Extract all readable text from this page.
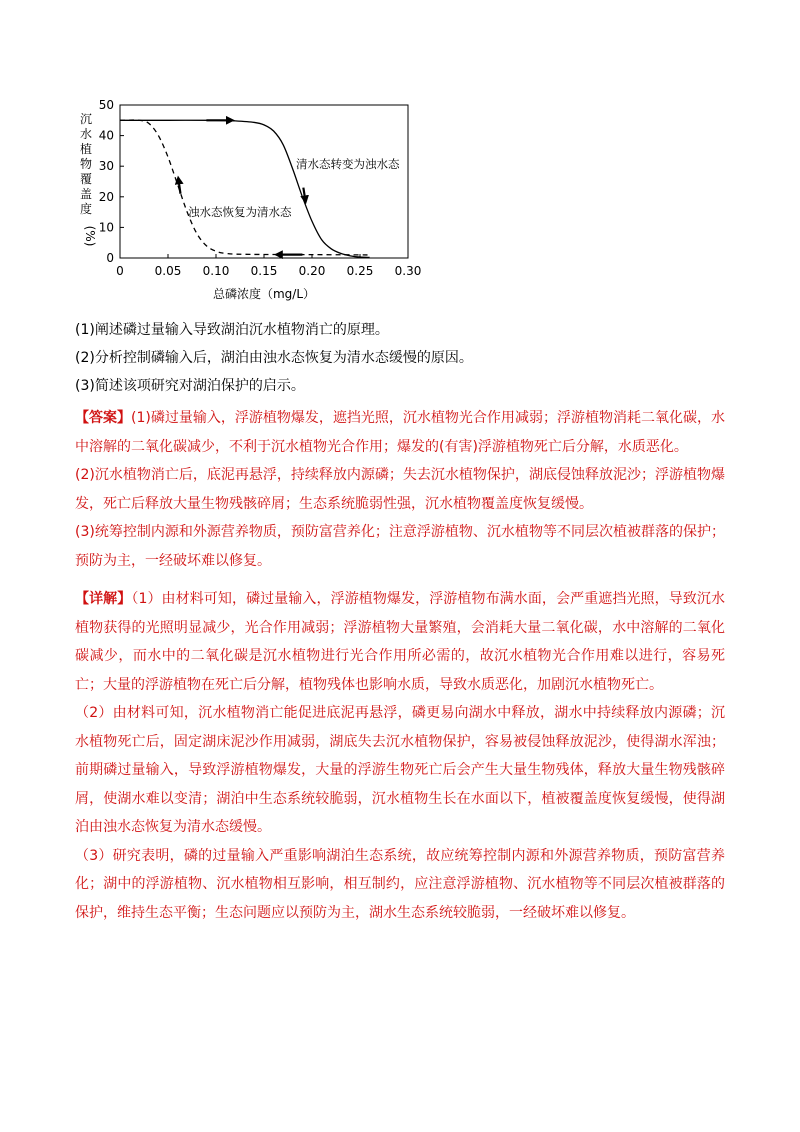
0
10
20
30
40
50
0	0.05 0.10 0.15 0.20 0.25 0.30
清水态转变为浊水态
浊水态恢复为清水态
总磷浓度（mg/L）
沉
水
植
物
覆
盖
度
(%)

(1)阐述磷过量输入导致湖泊沉水植物消亡的原理。

(2)分析控制磷输入后，湖泊由浊水态恢复为清水态缓慢的原因。

(3)简述该项研究对湖泊保护的启示。

【答案】(1)磷过量输入，浮游植物爆发，遮挡光照，沉水植物光合作用减弱；浮游植物消耗二氧化碳，水中溶解的二氧化碳减少，不利于沉水植物光合作用；爆发的(有害)浮游植物死亡后分解，水质恶化。

(2)沉水植物消亡后，底泥再悬浮，持续释放内源磷；失去沉水植物保护，湖底侵蚀释放泥沙；浮游植物爆发，死亡后释放大量生物残骸碎屑；生态系统脆弱性强，沉水植物覆盖度恢复缓慢。

(3)统筹控制内源和外源营养物质，预防富营养化；注意浮游植物、沉水植物等不同层次植被群落的保护；预防为主，一经破坏难以修复。

【详解】（1）由材料可知，磷过量输入，浮游植物爆发，浮游植物布满水面，会严重遮挡光照，导致沉水植物获得的光照明显减少，光合作用减弱；浮游植物大量繁殖，会消耗大量二氧化碳，水中溶解的二氧化碳减少，而水中的二氧化碳是沉水植物进行光合作用所必需的，故沉水植物光合作用难以进行，容易死亡；大量的浮游植物在死亡后分解，植物残体也影响水质，导致水质恶化，加剧沉水植物死亡。

（2）由材料可知，沉水植物消亡能促进底泥再悬浮，磷更易向湖水中释放，湖水中持续释放内源磷；沉水植物死亡后，固定湖床泥沙作用减弱，湖底失去沉水植物保护，容易被侵蚀释放泥沙，使得湖水浑浊；前期磷过量输入，导致浮游植物爆发，大量的浮游生物死亡后会产生大量生物残体，释放大量生物残骸碎屑，使湖水难以变清；湖泊中生态系统较脆弱，沉水植物生长在水面以下，植被覆盖度恢复缓慢，使得湖泊由浊水态恢复为清水态缓慢。

（3）研究表明，磷的过量输入严重影响湖泊生态系统，故应统筹控制内源和外源营养物质，预防富营养化；湖中的浮游植物、沉水植物相互影响，相互制约，应注意浮游植物、沉水植物等不同层次植被群落的保护，维持生态平衡；生态问题应以预防为主，湖水生态系统较脆弱，一经破坏难以修复。
